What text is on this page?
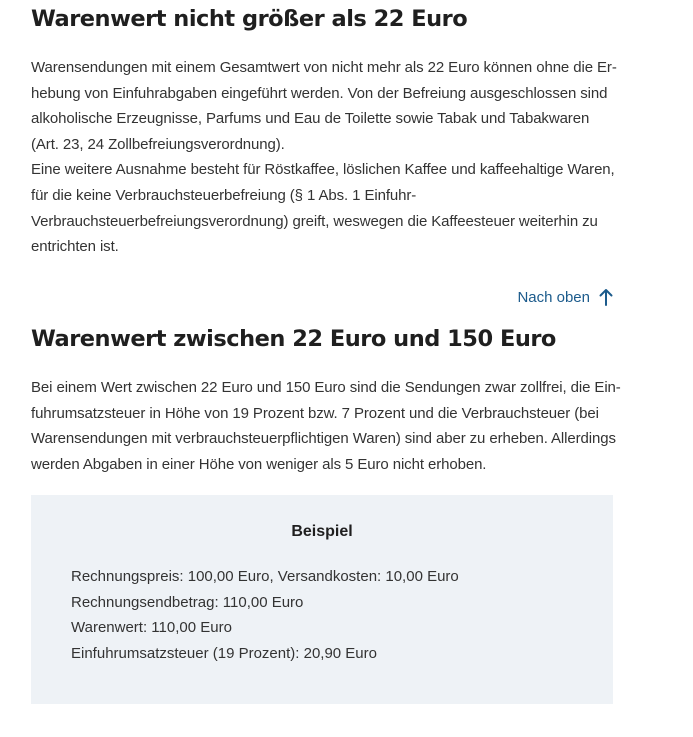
Warenwert nicht größer als 22 Euro

Warensendungen mit einem Gesamtwert von nicht mehr als 22 Euro können ohne die Er-
hebung von Einfuhrabgaben eingeführt werden. Von der Befreiung ausgeschlossen sind
alkoholische Erzeugnisse, Parfums und Eau de Toilette sowie Tabak und Tabakwaren
(Art. 23, 24 Zollbefreiungsverordnung).
Eine weitere Ausnahme besteht für Röstkaffee, löslichen Kaffee und kaffeehaltige Waren,
für die keine Verbrauchsteuerbefreiung (§ 1 Abs. 1 Einfuhr-
Verbrauchsteuerbefreiungsverordnung) greift, weswegen die Kaffeesteuer weiterhin zu
entrichten ist.

Nach oben
Warenwert zwischen 22 Euro und 150 Euro

Bei einem Wert zwischen 22 Euro und 150 Euro sind die Sendungen zwar zollfrei, die Ein-
fuhrumsatzsteuer in Höhe von 19 Prozent bzw. 7 Prozent und die Verbrauchsteuer (bei
Warensendungen mit verbrauchsteuerpflichtigen Waren) sind aber zu erheben. Allerdings
werden Abgaben in einer Höhe von weniger als 5 Euro nicht erhoben.

Beispiel
Rechnungspreis: 100,00 Euro, Versandkosten: 10,00 Euro
Rechnungsendbetrag: 110,00 Euro
Warenwert: 110,00 Euro
Einfuhrumsatzsteuer (19 Prozent): 20,90 Euro
